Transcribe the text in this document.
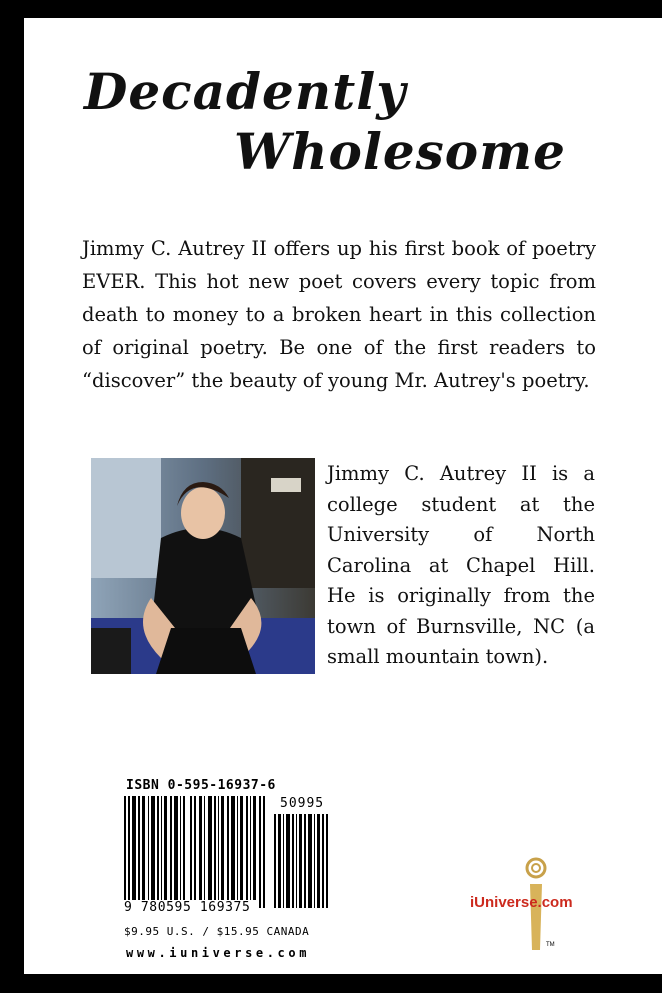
Decadently
Wholesome
Jimmy C. Autrey II offers up his first book of poetry EVER. This hot new poet covers every topic from death to money to a broken heart in this collection of original poetry. Be one of the first readers to “discover” the beauty of young Mr. Autrey's poetry.
Jimmy C. Autrey II is a college student at the University of North Carolina at Chapel Hill. He is originally from the town of Burnsville, NC (a small mountain town).
ISBN 0-595-16937-6
50995
9 780595 169375
$9.95 U.S. / $15.95 CANADA
www.iuniverse.com
iUniverse.com
TM
